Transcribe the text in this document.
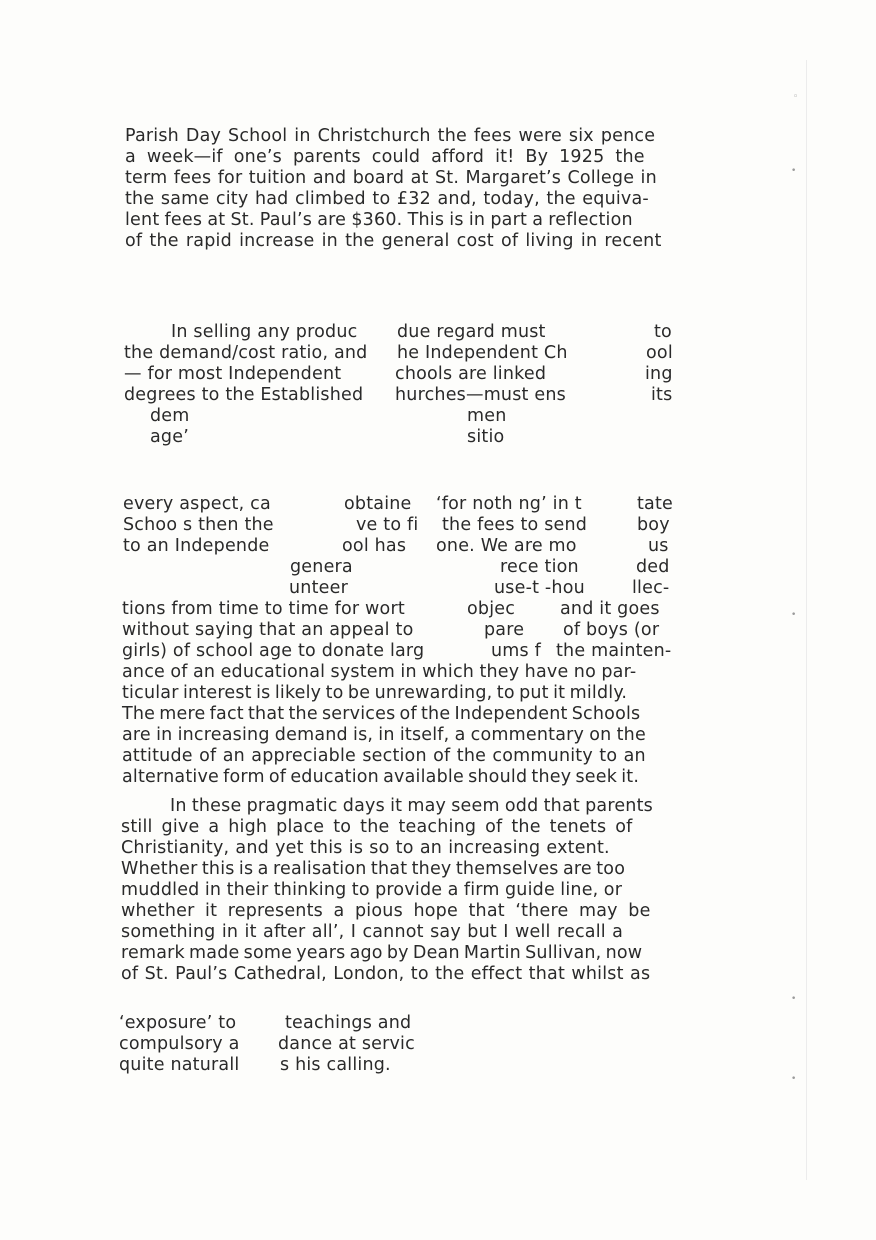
◦
•
•
•
•
Parish Day School in Christchurch the fees were six pence
a week—if one’s parents could afford it! By 1925 the
term fees for tuition and board at St. Margaret’s College in
the same city had climbed to £32 and, today, the equiva-
lent fees at St. Paul’s are $360. This is in part a reflection
of the rapid increase in the general cost of living in recent
In selling any produc due regard must	to
the demand/cost ratio, and he Independent Ch	ool
— for most Independent	chools are linked	ing
degrees to the Established hurches—must ens	its
dem	men
age’	sitio
every aspect, ca	obtaine ‘for noth ng’ in t	tate
Schoo s then the	ve to fi the fees to send	boy
to an Independe	ool has one. We are mo	us
genera	rece tion	ded
unteer	use-t -hou	llec-
tions from time to time for wort	objec	and it goes
without saying that an appeal to	pare of boys (or
girls) of school age to donate larg	ums f the mainten-
ance of an educational system in which they have no par-
ticular interest is likely to be unrewarding, to put it mildly.
The mere fact that the services of the Independent Schools
are in increasing demand is, in itself, a commentary on the
attitude of an appreciable section of the community to an
alternative form of education available should they seek it.
In these pragmatic days it may seem odd that parents
still give a high place to the teaching of the tenets of
Christianity, and yet this is so to an increasing extent.
Whether this is a realisation that they themselves are too
muddled in their thinking to provide a firm guide line, or
whether it represents a pious hope that ‘there may be
something in it after all’, I cannot say but I well recall a
remark made some years ago by Dean Martin Sullivan, now
of St. Paul’s Cathedral, London, to the effect that whilst as
‘exposure’ to	teachings and
compulsory a dance at servic
quite naturall s his calling.
